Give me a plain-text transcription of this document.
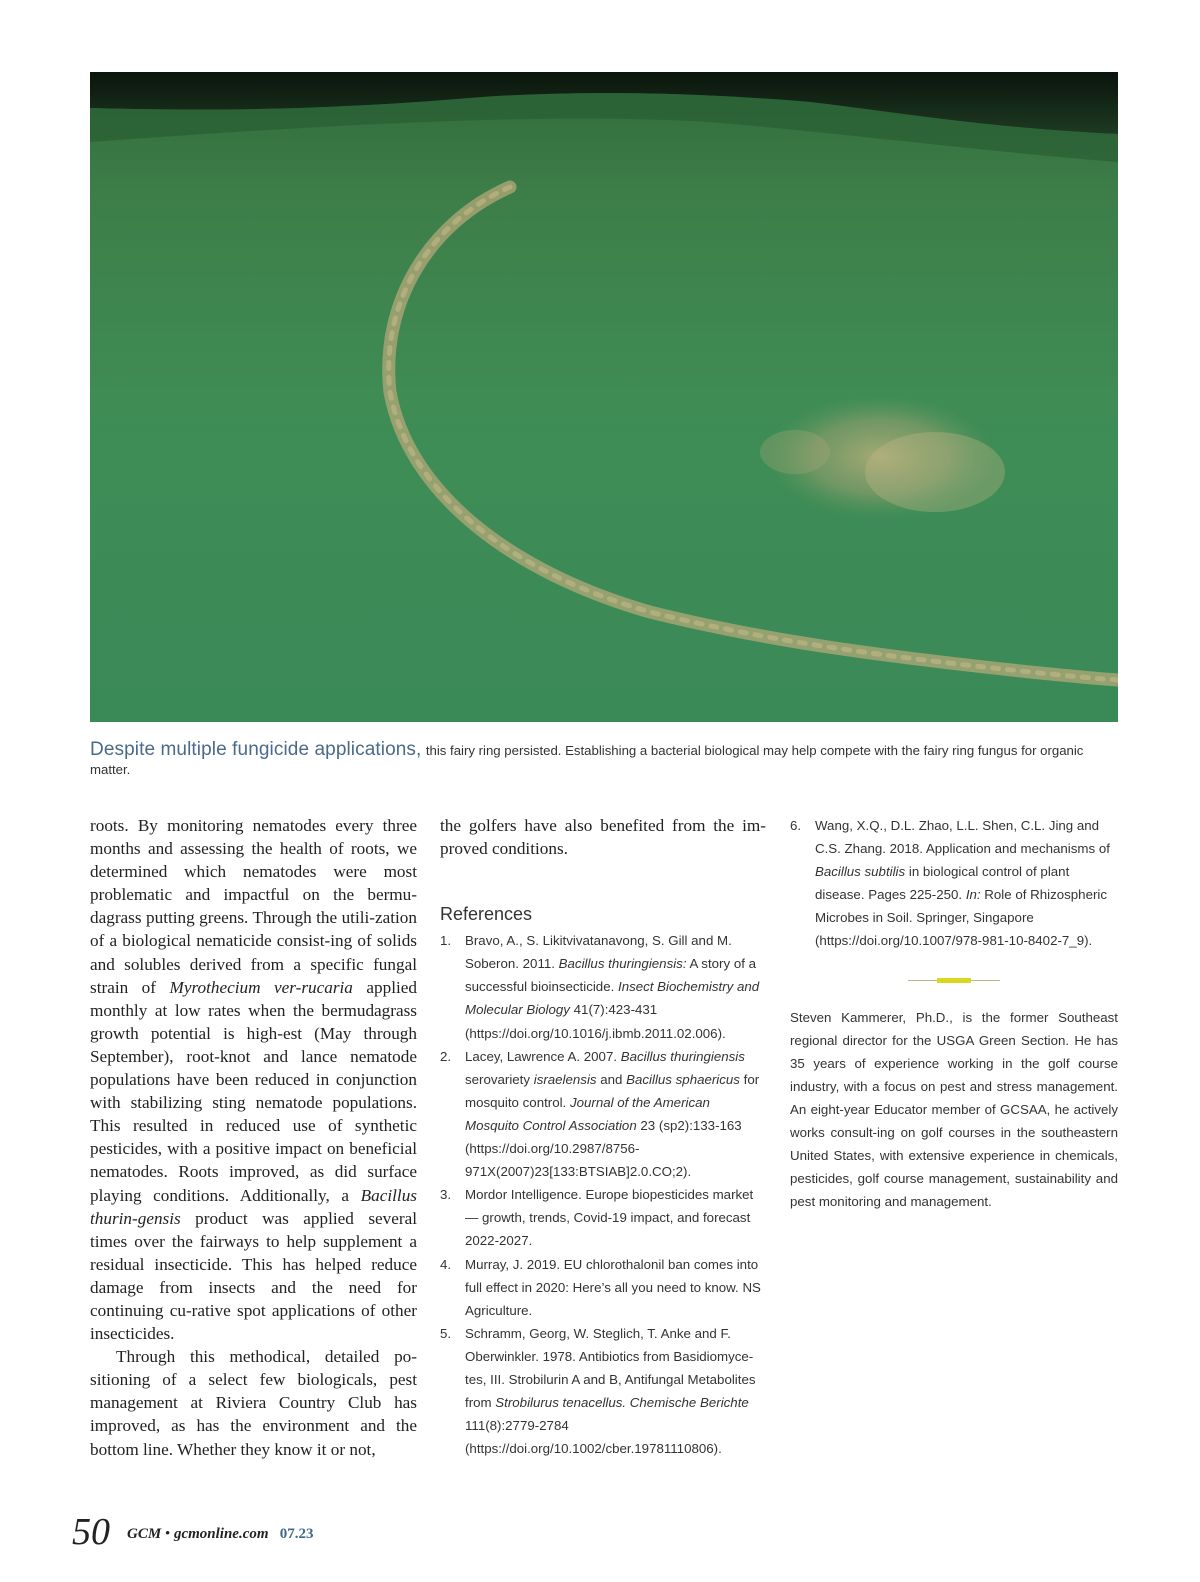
Despite multiple fungicide applications, this fairy ring persisted. Establishing a bacterial biological may help compete with the fairy ring fungus for organic matter.

roots. By monitoring nematodes every three months and assessing the health of roots, we determined which nematodes were most problematic and impactful on the bermu-dagrass putting greens. Through the utili-zation of a biological nematicide consist-ing of solids and solubles derived from a specific fungal strain of Myrothecium ver-rucaria applied monthly at low rates when the bermudagrass growth potential is high-est (May through September), root-knot and lance nematode populations have been reduced in conjunction with stabilizing sting nematode populations. This resulted in reduced use of synthetic pesticides, with a positive impact on beneficial nematodes. Roots improved, as did surface playing conditions. Additionally, a Bacillus thurin-gensis product was applied several times over the fairways to help supplement a residual insecticide. This has helped reduce damage from insects and the need for continuing cu-rative spot applications of other insecticides.

Through this methodical, detailed po-sitioning of a select few biologicals, pest management at Riviera Country Club has improved, as has the environment and the bottom line. Whether they know it or not,

the golfers have also benefited from the im-proved conditions.

References
1. Bravo, A., S. Likitvivatanavong, S. Gill and M. Soberon. 2011. Bacillus thuringiensis: A story of a successful bioinsecticide. Insect Biochemistry and Molecular Biology 41(7):423-431 (https://doi.org/10.1016/j.ibmb.2011.02.006).
2. Lacey, Lawrence A. 2007. Bacillus thuringiensis serovariety israelensis and Bacillus sphaericus for mosquito control. Journal of the American Mosquito Control Association 23 (sp2):133-163 (https://doi.org/10.2987/8756-971X(2007)23[133:BTSIAB]2.0.CO;2).
3. Mordor Intelligence. Europe biopesticides market — growth, trends, Covid-19 impact, and forecast 2022-2027.
4. Murray, J. 2019. EU chlorothalonil ban comes into full effect in 2020: Here’s all you need to know. NS Agriculture.
5. Schramm, Georg, W. Steglich, T. Anke and F. Oberwinkler. 1978. Antibiotics from Basidiomyce-tes, III. Strobilurin A and B, Antifungal Metabolites from Strobilurus tenacellus. Chemische Berichte 111(8):2779-2784 (https://doi.org/10.1002/cber.19781110806).
6. Wang, X.Q., D.L. Zhao, L.L. Shen, C.L. Jing and C.S. Zhang. 2018. Application and mechanisms of Bacillus subtilis in biological control of plant disease. Pages 225-250. In: Role of Rhizospheric Microbes in Soil. Springer, Singapore (https://doi.org/10.1007/978-981-10-8402-7_9).

Steven Kammerer, Ph.D., is the former Southeast regional director for the USGA Green Section. He has 35 years of experience working in the golf course industry, with a focus on pest and stress management. An eight-year Educator member of GCSAA, he actively works consult-ing on golf courses in the southeastern United States, with extensive experience in chemicals, pesticides, golf course management, sustainability and pest monitoring and management.

50 GCM • gcmonline.com 07.23
